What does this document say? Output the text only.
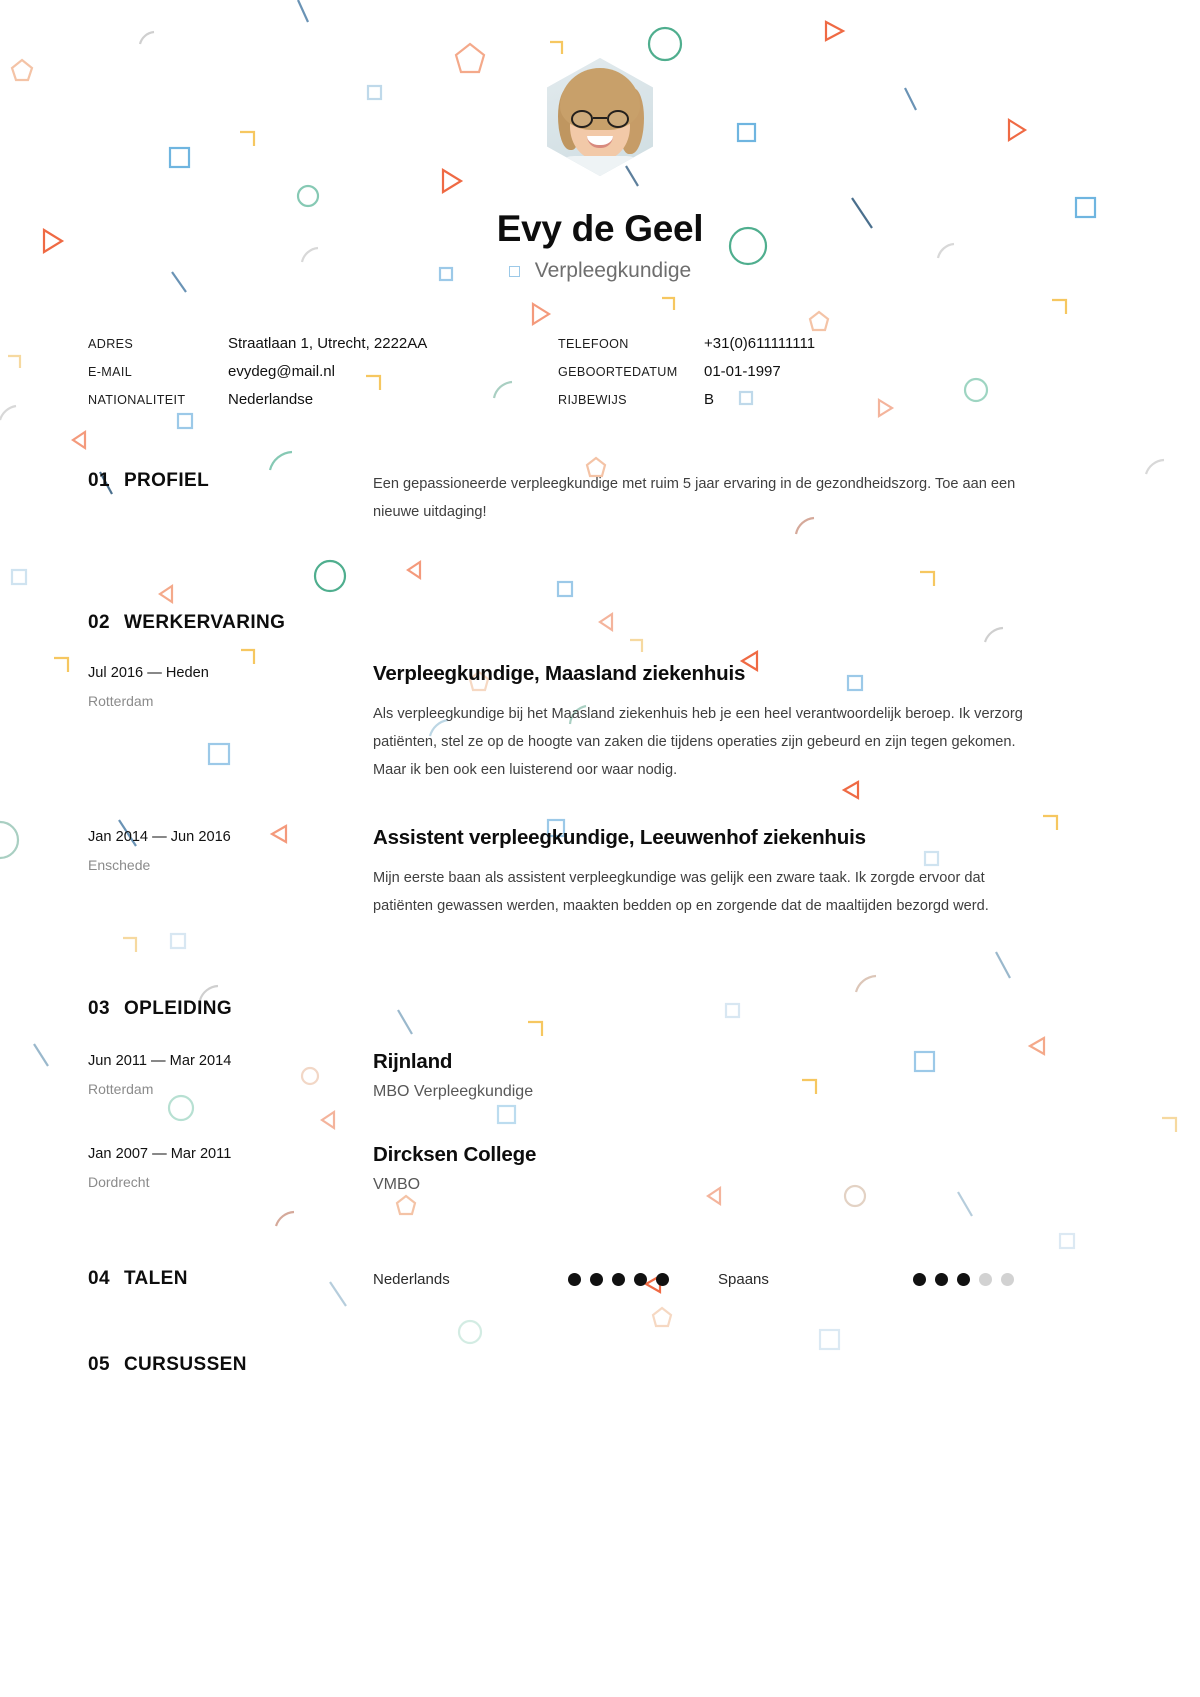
Evy de Geel
Verpleegkundige
ADRES	Straatlaan 1, Utrecht, 2222AA	TELEFOON	+31(0)611111111
E-MAIL	evydeg@mail.nl	GEBOORTEDATUM	01-01-1997
NATIONALITEIT	Nederlandse	RIJBEWIJS	B
01 PROFIEL	Een gepassioneerde verpleegkundige met ruim 5 jaar ervaring in de gezondheidszorg. Toe aan een nieuwe uitdaging!
02 WERKERVARING
Jul 2016 — Heden
Rotterdam
Verpleegkundige, Maasland ziekenhuis
Als verpleegkundige bij het Maasland ziekenhuis heb je een heel verantwoordelijk beroep. Ik verzorg patiënten, stel ze op de hoogte van zaken die tijdens operaties zijn gebeurd en zijn tegen gekomen. Maar ik ben ook een luisterend oor waar nodig.
Jan 2014 — Jun 2016
Enschede
Assistent verpleegkundige, Leeuwenhof ziekenhuis
Mijn eerste baan als assistent verpleegkundige was gelijk een zware taak. Ik zorgde ervoor dat patiënten gewassen werden, maakten bedden op en zorgende dat de maaltijden bezorgd werd.
03 OPLEIDING
Jun 2011 — Mar 2014
Rotterdam
Rijnland
MBO Verpleegkundige
Jan 2007 — Mar 2011
Dordrecht
Dircksen College
VMBO
04 TALEN	Nederlands	Spaans
05 CURSUSSEN
